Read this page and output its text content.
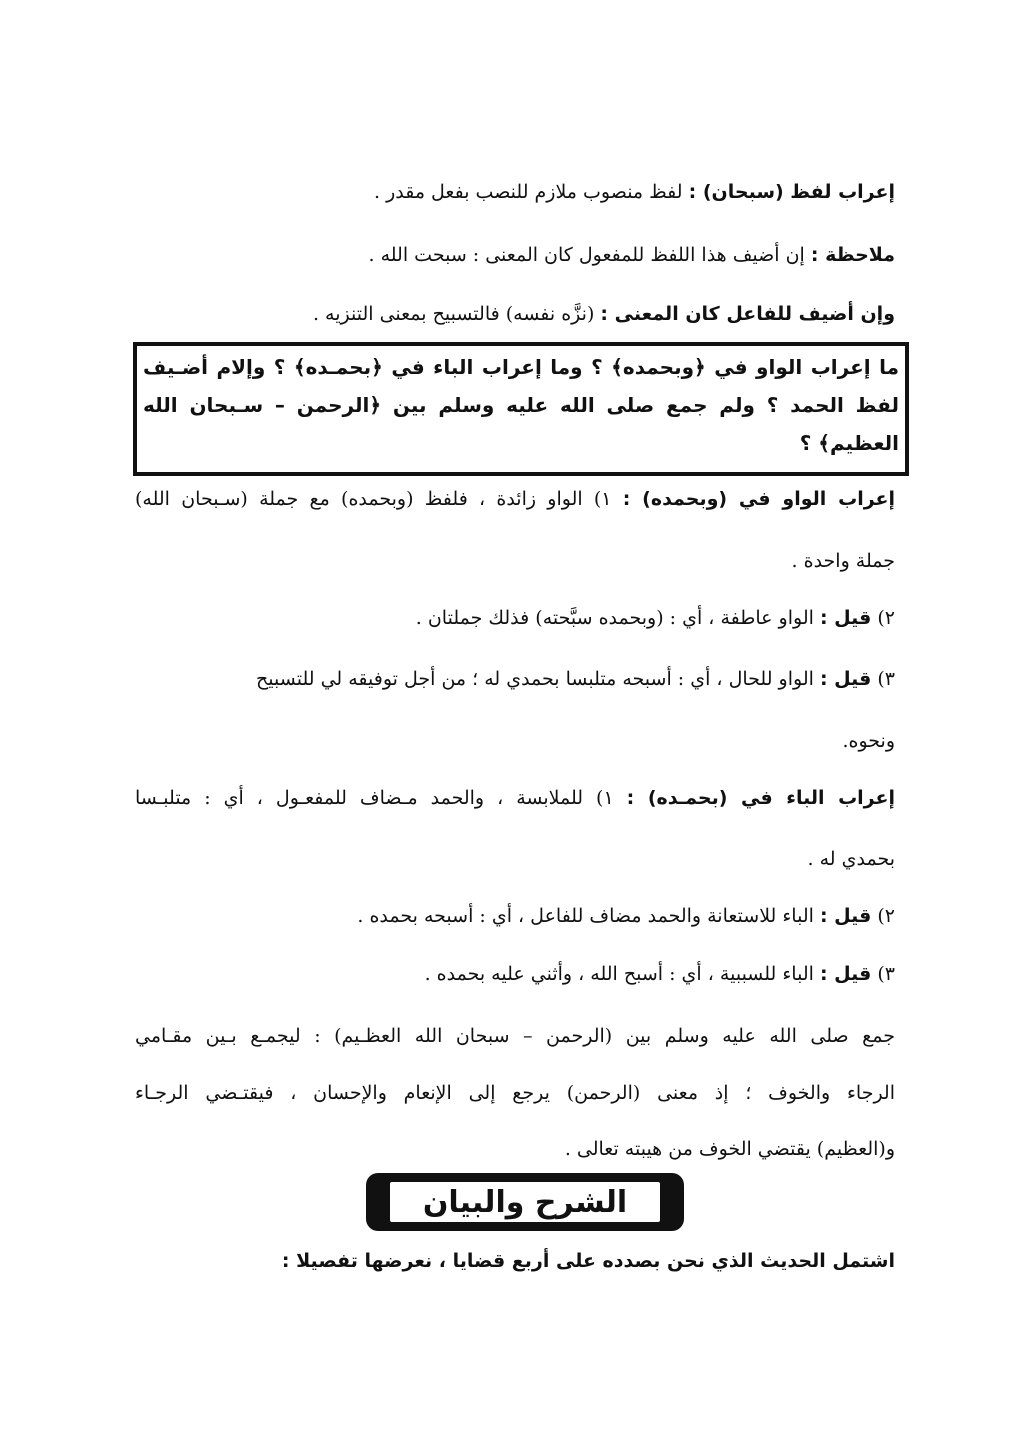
إعراب لفظ (سبحان) : لفظ منصوب ملازم للنصب بفعل مقدر .

ملاحظة : إن أضيف هذا اللفظ للمفعول كان المعنى : سبحت الله .

وإن أضيف للفاعل كان المعنى : (نزَّه نفسه) فالتسبيح بمعنى التنزيه .

ما إعراب الواو في ﴿وبحمده﴾ ؟ وما إعراب الباء في ﴿بحمـده﴾ ؟ وإلام أضـيف

لفظ الحمد ؟ ولم جمع صلى الله عليه وسلم بين ﴿الرحمن – سـبحان الله

العظيم﴾ ؟

إعراب الواو في (وبحمده) : ١) الواو زائدة ، فلفظ (وبحمده) مع جملة (سـبحان الله)

جملة واحدة .

٢) قيل : الواو عاطفة ، أي : (وبحمده سبَّحته) فذلك جملتان .

٣) قيل : الواو للحال ، أي : أسبحه متلبسا بحمدي له ؛ من أجل توفيقه لي للتسبيح

ونحوه.

إعراب الباء في (بحمـده) : ١) للملابسة ، والحمد مـضاف للمفعـول ، أي : متلبـسا

بحمدي له .

٢) قيل : الباء للاستعانة والحمد مضاف للفاعل ، أي : أسبحه بحمده .

٣) قيل : الباء للسببية ، أي : أسبح الله ، وأثني عليه بحمده .

جمع صلى الله عليه وسلم بين (الرحمن – سبحان الله العظـيم) : ليجمـع بـين مقـامي

الرجاء والخوف ؛ إذ معنى (الرحمن) يرجع إلى الإنعام والإحسان ، فيقتـضي الرجـاء

و(العظيم) يقتضي الخوف من هيبته تعالى .

الشرح والبيان
اشتمل الحديث الذي نحن بصدده على أربع قضايا ، نعرضها تفصيلا :
